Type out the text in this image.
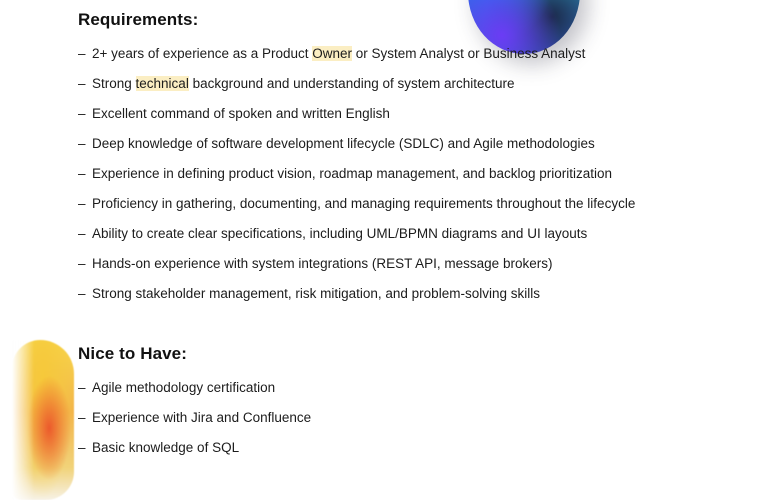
Requirements:
– 2+ years of experience as a Product Owner or System Analyst or Business Analyst
– Strong technical background and understanding of system architecture
– Excellent command of spoken and written English
– Deep knowledge of software development lifecycle (SDLC) and Agile methodologies
– Experience in defining product vision, roadmap management, and backlog prioritization
– Proficiency in gathering, documenting, and managing requirements throughout the lifecycle
– Ability to create clear specifications, including UML/BPMN diagrams and UI layouts
– Hands-on experience with system integrations (REST API, message brokers)
– Strong stakeholder management, risk mitigation, and problem-solving skills
Nice to Have:
– Agile methodology certification
– Experience with Jira and Confluence
– Basic knowledge of SQL
